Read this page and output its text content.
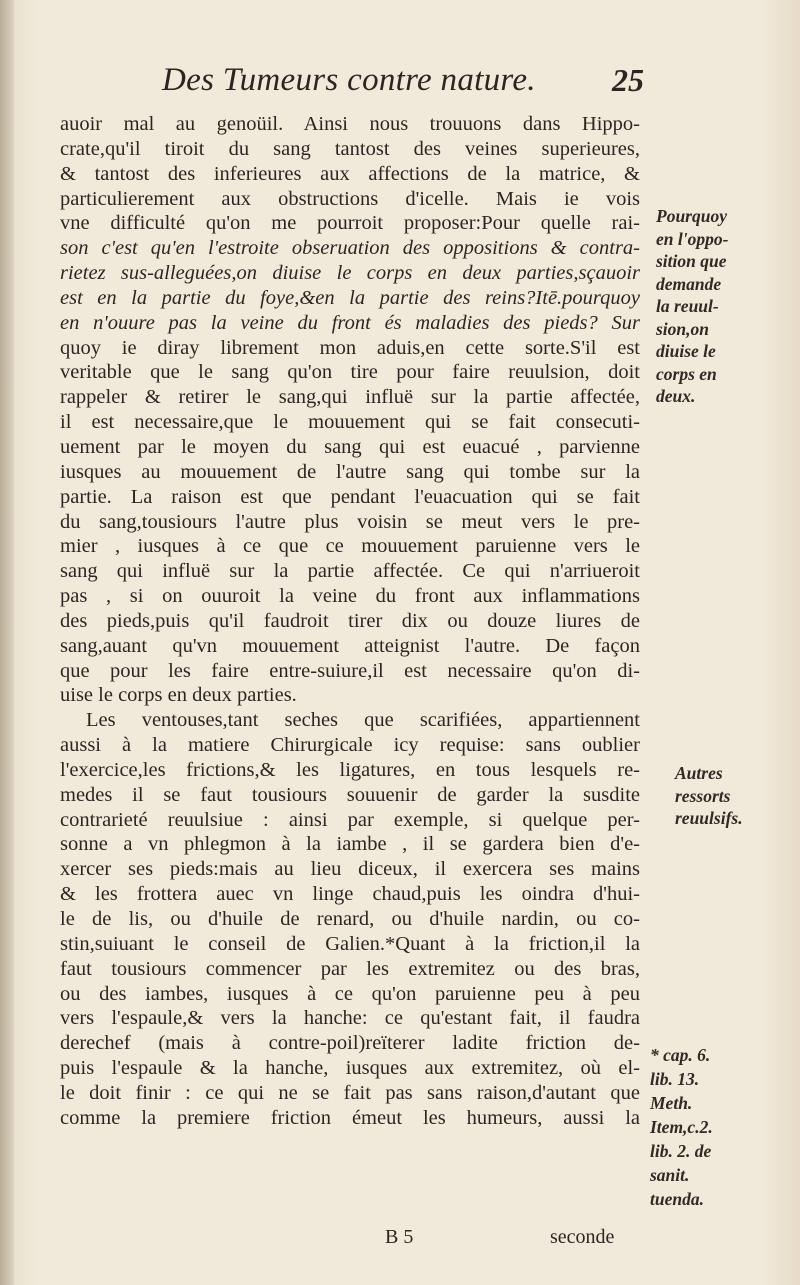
Des Tumeurs contre nature. 25
auoir mal au genoüil. Ainsi nous trouuons dans Hippo-
crate,qu'il tiroit du sang tantost des veines superieures,
& tantost des inferieures aux affections de la matrice, &
particulierement aux obstructions d'icelle. Mais ie vois
vne difficulté qu'on me pourroit proposer:Pour quelle rai-
son c'est qu'en l'estroite obseruation des oppositions & contra-
rietez sus-alleguées,on diuise le corps en deux parties,sçauoir
est en la partie du foye,&en la partie des reins?Itē.pourquoy
en n'ouure pas la veine du front és maladies des pieds? Sur
quoy ie diray librement mon aduis,en cette sorte.S'il est
veritable que le sang qu'on tire pour faire reuulsion, doit
rappeler & retirer le sang,qui influë sur la partie affectée,
il est necessaire,que le mouuement qui se fait consecuti-
uement par le moyen du sang qui est euacué , parvienne
iusques au mouuement de l'autre sang qui tombe sur la
partie. La raison est que pendant l'euacuation qui se fait
du sang,tousiours l'autre plus voisin se meut vers le pre-
mier , iusques à ce que ce mouuement paruienne vers le
sang qui influë sur la partie affectée. Ce qui n'arriueroit
pas , si on ouuroit la veine du front aux inflammations
des pieds,puis qu'il faudroit tirer dix ou douze liures de
sang,auant qu'vn mouuement atteignist l'autre. De façon
que pour les faire entre-suiure,il est necessaire qu'on di-
uise le corps en deux parties.
Les ventouses,tant seches que scarifiées, appartiennent
aussi à la matiere Chirurgicale icy requise: sans oublier
l'exercice,les frictions,& les ligatures, en tous lesquels re-
medes il se faut tousiours souuenir de garder la susdite
contrarieté reuulsiue : ainsi par exemple, si quelque per-
sonne a vn phlegmon à la iambe , il se gardera bien d'e-
xercer ses pieds:mais au lieu diceux, il exercera ses mains
& les frottera auec vn linge chaud,puis les oindra d'hui-
le de lis, ou d'huile de renard, ou d'huile nardin, ou co-
stin,suiuant le conseil de Galien.*Quant à la friction,il la
faut tousiours commencer par les extremitez ou des bras,
ou des iambes, iusques à ce qu'on paruienne peu à peu
vers l'espaule,& vers la hanche: ce qu'estant fait, il faudra
derechef (mais à contre-poil)reïterer ladite friction de-
puis l'espaule & la hanche, iusques aux extremitez, où el-
le doit finir : ce qui ne se fait pas sans raison,d'autant que
comme la premiere friction émeut les humeurs, aussi la
Pourquoy
en l'oppo-
sition que
demande
la reuul-
sion,on
diuise le
corps en
deux.
Autres
ressorts
reuulsifs.
* cap. 6.
lib. 13.
Meth.
Item,c.2.
lib. 2. de
sanit.
tuenda.
B 5	seconde
